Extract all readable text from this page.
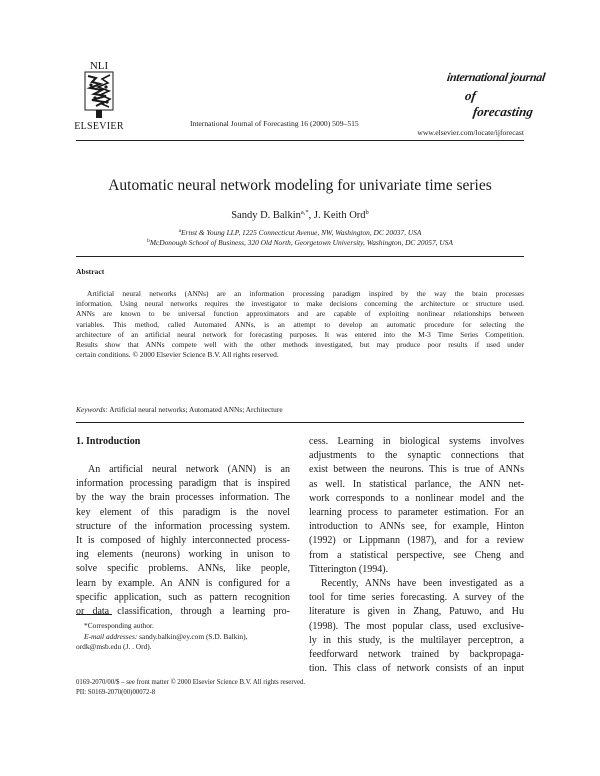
NLI
ELSEVIER	International Journal of Forecasting 16 (2000) 509–515
international journal
of
forecasting
www.elsevier.com/locate/ijforecast
Automatic neural network modeling for univariate time series
Sandy D. Balkin$^{a,*}$, J. Keith Ord$^b$
$^a$Ernst & Young LLP, 1225 Connecticut Avenue, NW, Washington, DC 20037, USA
$^b$McDonough School of Business, 320 Old North, Georgetown University, Washington, DC 20057, USA
Abstract
Artificial neural networks (ANNs) are an information processing paradigm inspired by the way the brain processes
information. Using neural networks requires the investigator to make decisions concerning the architecture or structure used.
ANNs are known to be universal function approximators and are capable of exploiting nonlinear relationships between
variables. This method, called Automated ANNs, is an attempt to develop an automatic procedure for selecting the
architecture of an artificial neural network for forecasting purposes. It was entered into the M-3 Time Series Competition.
Results show that ANNs compete well with the other methods investigated, but may produce poor results if used under
certain conditions. © 2000 Elsevier Science B.V. All rights reserved.
Keywords: Artificial neural networks; Automated ANNs; Architecture
1. Introduction
An artificial neural network (ANN) is an
information processing paradigm that is inspired
by the way the brain processes information. The
key element of this paradigm is the novel
structure of the information processing system.
It is composed of highly interconnected process-
ing elements (neurons) working in unison to
solve specific problems. ANNs, like people,
learn by example. An ANN is configured for a
specific application, such as pattern recognition
or data classification, through a learning pro-
cess. Learning in biological systems involves
adjustments to the synaptic connections that
exist between the neurons. This is true of ANNs
as well. In statistical parlance, the ANN net-
work corresponds to a nonlinear model and the
learning process to parameter estimation. For an
introduction to ANNs see, for example, Hinton
(1992) or Lippmann (1987), and for a review
from a statistical perspective, see Cheng and
Titterington (1994).
Recently, ANNs have been investigated as a
tool for time series forecasting. A survey of the
literature is given in Zhang, Patuwo, and Hu
(1998). The most popular class, used exclusive-
ly in this study, is the multilayer perceptron, a
feedforward network trained by backpropaga-
tion. This class of network consists of an input
*Corresponding author.
E-mail addresses: sandy.balkin@ey.com (S.D. Balkin),
ordk@msb.edu (J. . Ord).
0169-2070/00/$ – see front matter © 2000 Elsevier Science B.V. All rights reserved.
PII: S0169-2070(00)00072-8
